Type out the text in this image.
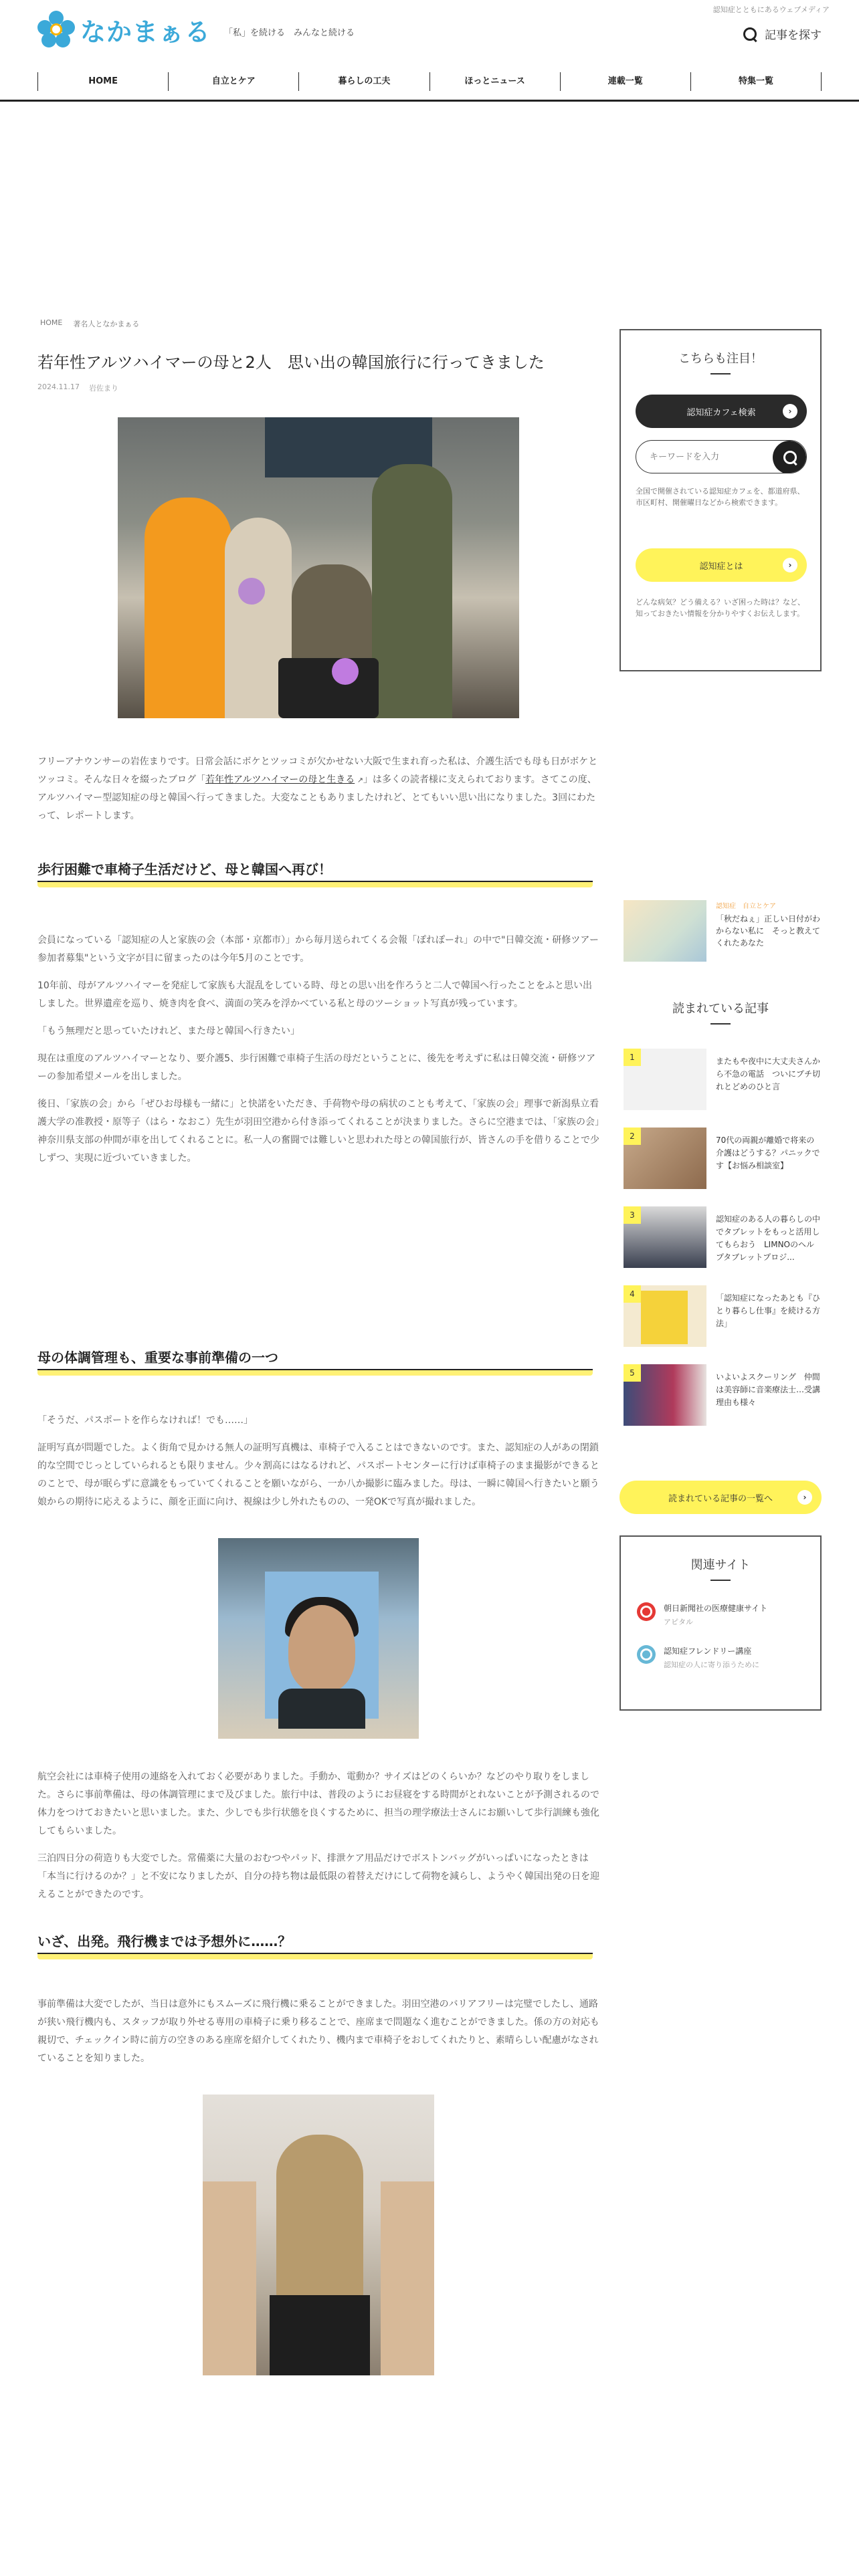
認知症とともにあるウェブメディア
なかまぁる 「私」を続ける　みんなと続ける	記事を探す
HOME	自立とケア	暮らしの工夫	ほっとニュース	連載一覧	特集一覧
HOME 著名人となかまぁる
若年性アルツハイマーの母と2人　思い出の韓国旅行に行ってきました
2024.11.17 岩佐まり

フリーアナウンサーの岩佐まりです。日常会話にボケとツッコミが欠かせない大阪で生まれ育った私は、介護生活でも母も日がボケとツッコミ。そんな日々を綴ったブログ「若年性アルツハイマーの母と生きる ↗」は多くの読者様に支えられております。さてこの度、アルツハイマー型認知症の母と韓国へ行ってきました。大変なこともありましたけれど、とてもいい思い出になりました。3回にわたって、レポートします。

歩行困難で車椅子生活だけど、母と韓国へ再び！

会員になっている「認知症の人と家族の会（本部・京都市）」から毎月送られてくる会報「ぽれぽーれ」の中で"日韓交流・研修ツアー　参加者募集"という文字が目に留まったのは今年5月のことです。

10年前、母がアルツハイマーを発症して家族も大混乱をしている時、母との思い出を作ろうと二人で韓国へ行ったことをふと思い出しました。世界遺産を巡り、焼き肉を食べ、満面の笑みを浮かべている私と母のツーショット写真が残っています。

「もう無理だと思っていたけれど、また母と韓国へ行きたい」

現在は重度のアルツハイマーとなり、要介護5、歩行困難で車椅子生活の母だということに、後先を考えずに私は日韓交流・研修ツアーの参加希望メールを出しました。

後日、「家族の会」から「ぜひお母様も一緒に」と快諾をいただき、手荷物や母の病状のことも考えて、「家族の会」理事で新潟県立看護大学の准教授・原等子（はら・なおこ）先生が羽田空港から付き添ってくれることが決まりました。さらに空港までは、「家族の会」神奈川県支部の仲間が車を出してくれることに。私一人の奮闘では難しいと思われた母との韓国旅行が、皆さんの手を借りることで少しずつ、実現に近づいていきました。

母の体調管理も、重要な事前準備の一つ

「そうだ、パスポートを作らなければ！でも……」

証明写真が問題でした。よく街角で見かける無人の証明写真機は、車椅子で入ることはできないのです。また、認知症の人があの閉鎖的な空間でじっとしていられるとも限りません。少々割高にはなるけれど、パスポートセンターに行けば車椅子のまま撮影ができるとのことで、母が眠らずに意識をもっていてくれることを願いながら、一か八か撮影に臨みました。母は、一瞬に韓国へ行きたいと願う娘からの期待に応えるように、顔を正面に向け、視線は少し外れたものの、一発OKで写真が撮れました。

航空会社には車椅子使用の連絡を入れておく必要がありました。手動か、電動か？サイズはどのくらいか？などのやり取りをしました。さらに事前準備は、母の体調管理にまで及びました。旅行中は、普段のようにお昼寝をする時間がとれないことが予測されるので体力をつけておきたいと思いました。また、少しでも歩行状態を良くするために、担当の理学療法士さんにお願いして歩行訓練も強化してもらいました。

三泊四日分の荷造りも大変でした。常備薬に大量のおむつやパッド、排泄ケア用品だけでボストンバッグがいっぱいになったときは「本当に行けるのか？」と不安になりましたが、自分の持ち物は最低限の着替えだけにして荷物を減らし、ようやく韓国出発の日を迎えることができたのです。

いざ、出発。飛行機までは予想外に……？

事前準備は大変でしたが、当日は意外にもスムーズに飛行機に乗ることができました。羽田空港のバリアフリーは完璧でしたし、通路が狭い飛行機内も、スタッフが取り外せる専用の車椅子に乗り移ることで、座席まで問題なく進むことができました。係の方の対応も親切で、チェックイン時に前方の空きのある座席を紹介してくれたり、機内まで車椅子をおしてくれたりと、素晴らしい配慮がなされていることを知りました。

こちらも注目！
認知症カフェ検索	›
キーワードを入力

全国で開催されている認知症カフェを、都道府県、市区町村、開催曜日などから検索できます。

認知症とは	›

どんな病気？どう備える？いざ困った時は？など、知っておきたい情報を分かりやすくお伝えします。

認知症　自立とケア
「秋だねぇ」正しい日付がわからない私に　そっと教えてくれたあなた
読まれている記事
1	またもや夜中に大丈夫さんから不急の電話　ついにプチ切れとどめのひと言
2	70代の両親が離婚で将来の介護はどうする？パニックです【お悩み相談室】
3	認知症のある人の暮らしの中でタブレットをもっと活用してもらおう　LIMNOのヘルプタブレットプロジ...
4	「認知症になったあとも『ひとり暮らし仕事』を続ける方法」
5	いよいよスクーリング　仲間は美容師に音楽療法士…受講理由も様々
読まれている記事の一覧へ	›
関連サイト
朝日新聞社の医療健康サイト
アピタル
認知症フレンドリー講座
認知症の人に寄り添うために
